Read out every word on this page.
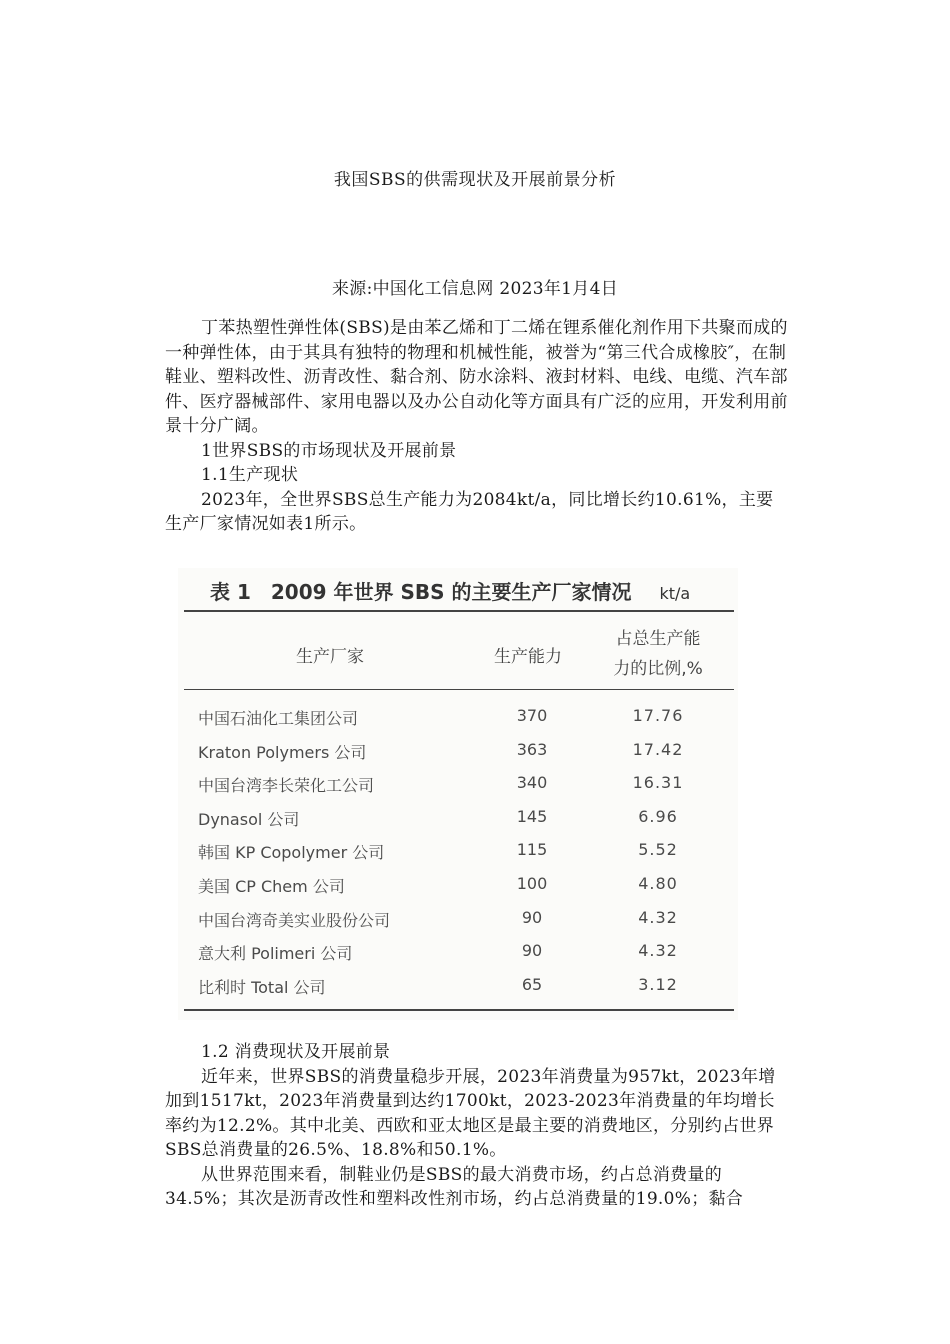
我国SBS的供需现状及开展前景分析
来源:中国化工信息网 2023年1月4日

丁苯热塑性弹性体(SBS)是由苯乙烯和丁二烯在锂系催化剂作用下共聚而成的一种弹性体，由于其具有独特的物理和机械性能，被誉为“第三代合成橡胶″，在制鞋业、塑料改性、沥青改性、黏合剂、防水涂料、液封材料、电线、电缆、汽车部件、医疗器械部件、家用电器以及办公自动化等方面具有广泛的应用，开发利用前景十分广阔。

1世界SBS的市场现状及开展前景

1.1生产现状

2023年，全世界SBS总生产能力为2084kt/a，同比增长约10.61%，主要生产厂家情况如表1所示。

表 1　2009 年世界 SBS 的主要生产厂家情况 kt/a
生产厂家	生产能力
占总生产能
力的比例,%
中国石油化工集团公司	370	17.76
Kraton Polymers 公司	363	17.42
中国台湾李长荣化工公司	340	16.31
Dynasol 公司	145	6.96
韩国 KP Copolymer 公司	115	5.52
美国 CP Chem 公司	100	4.80
中国台湾奇美实业股份公司	90	4.32
意大利 Polimeri 公司	90	4.32
比利时 Total 公司	65	3.12

1.2 消费现状及开展前景

近年来，世界SBS的消费量稳步开展，2023年消费量为957kt，2023年增加到1517kt，2023年消费量到达约1700kt，2023-2023年消费量的年均增长率约为12.2%。其中北美、西欧和亚太地区是最主要的消费地区，分别约占世界SBS总消费量的26.5%、18.8%和50.1%。

从世界范围来看，制鞋业仍是SBS的最大消费市场，约占总消费量的34.5%；其次是沥青改性和塑料改性剂市场，约占总消费量的19.0%；黏合
